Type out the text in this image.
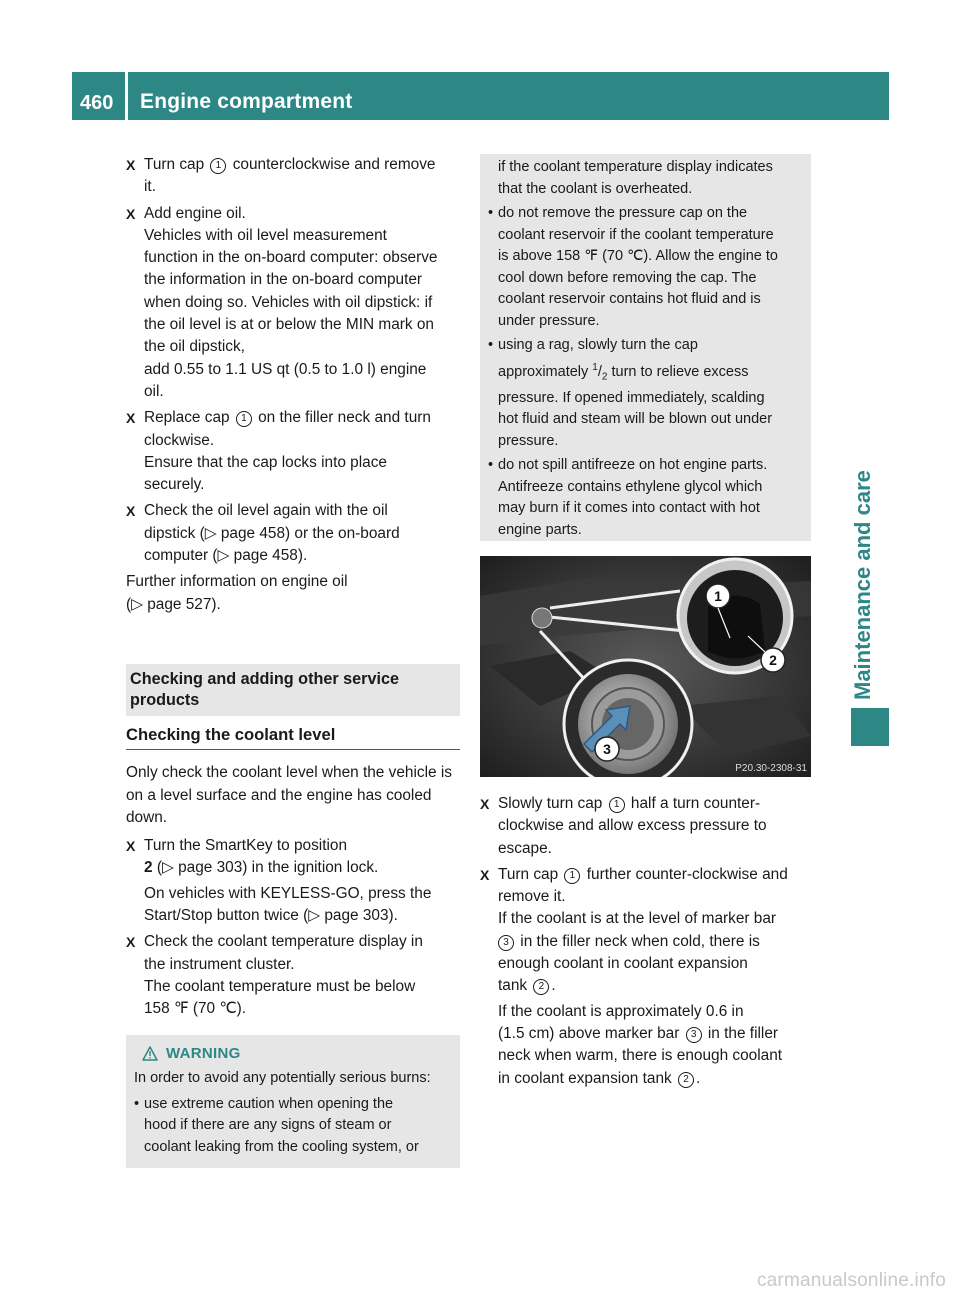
460 Engine compartment
Maintenance and care
X Turn cap 1 counterclockwise and remove
it.
X Add engine oil.
Vehicles with oil level measurement
function in the on-board computer: observe
the information in the on-board computer
when doing so. Vehicles with oil dipstick: if
the oil level is at or below the MIN mark on
the oil dipstick,
add 0.55 to 1.1 US qt (0.5 to 1.0 l) engine
oil.
X Replace cap 1 on the filler neck and turn
clockwise.
Ensure that the cap locks into place
securely.
X Check the oil level again with the oil
dipstick (▷ page 458) or the on-board
computer (▷ page 458).
Further information on engine oil
(▷ page 527).
Checking and adding other service products
Checking the coolant level
Only check the coolant level when the vehicle is on a level surface and the engine has cooled down.
X Turn the SmartKey to position
2 (▷ page 303) in the ignition lock.
On vehicles with KEYLESS-GO, press the
Start/Stop button twice (▷ page 303).
X Check the coolant temperature display in
the instrument cluster.
The coolant temperature must be below
158 ℉ (70 ℃).
WARNING
In order to avoid any potentially serious burns:
• use extreme caution when opening the
hood if there are any signs of steam or
coolant leaking from the cooling system, or
if the coolant temperature display indicates
that the coolant is overheated.
• do not remove the pressure cap on the
coolant reservoir if the coolant temperature
is above 158 ℉ (70 ℃). Allow the engine to
cool down before removing the cap. The
coolant reservoir contains hot fluid and is
under pressure.
• using a rag, slowly turn the cap
approximately $^1/_2$ turn to relieve excess
pressure. If opened immediately, scalding
hot fluid and steam will be blown out under
pressure.
• do not spill antifreeze on hot engine parts.
Antifreeze contains ethylene glycol which
may burn if it comes into contact with hot
engine parts.
1
2
3
P20.30-2308-31
X Slowly turn cap 1 half a turn counter-
clockwise and allow excess pressure to
escape.
X Turn cap 1 further counter-clockwise and
remove it.
If the coolant is at the level of marker bar
3 in the filler neck when cold, there is
enough coolant in coolant expansion
tank 2 .
If the coolant is approximately 0.6 in
(1.5 cm) above marker bar 3 in the filler
neck when warm, there is enough coolant
in coolant expansion tank 2 .
carmanualsonline.info
